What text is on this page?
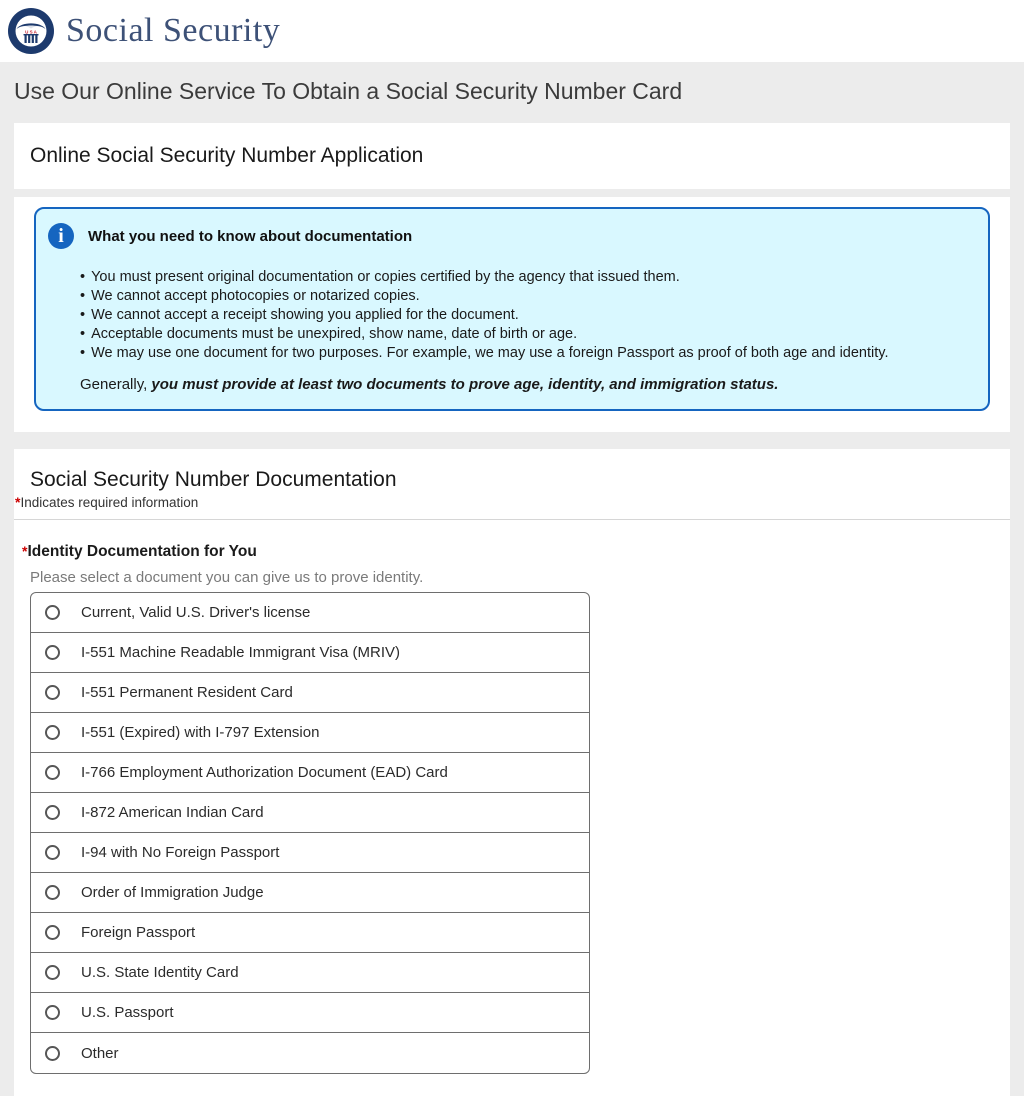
U S A Social Security
Use Our Online Service To Obtain a Social Security Number Card
Online Social Security Number Application
i	What you need to know about documentation
• You must present original documentation or copies certified by the agency that issued them.
• We cannot accept photocopies or notarized copies.
• We cannot accept a receipt showing you applied for the document.
• Acceptable documents must be unexpired, show name, date of birth or age.
• We may use one document for two purposes. For example, we may use a foreign Passport as proof of both age and identity.
Generally, you must provide at least two documents to prove age, identity, and immigration status.
Social Security Number Documentation
*Indicates required information
*Identity Documentation for You
Please select a document you can give us to prove identity.
Current, Valid U.S. Driver's license
I-551 Machine Readable Immigrant Visa (MRIV)
I-551 Permanent Resident Card
I-551 (Expired) with I-797 Extension
I-766 Employment Authorization Document (EAD) Card
I-872 American Indian Card
I-94 with No Foreign Passport
Order of Immigration Judge
Foreign Passport
U.S. State Identity Card
U.S. Passport
Other
